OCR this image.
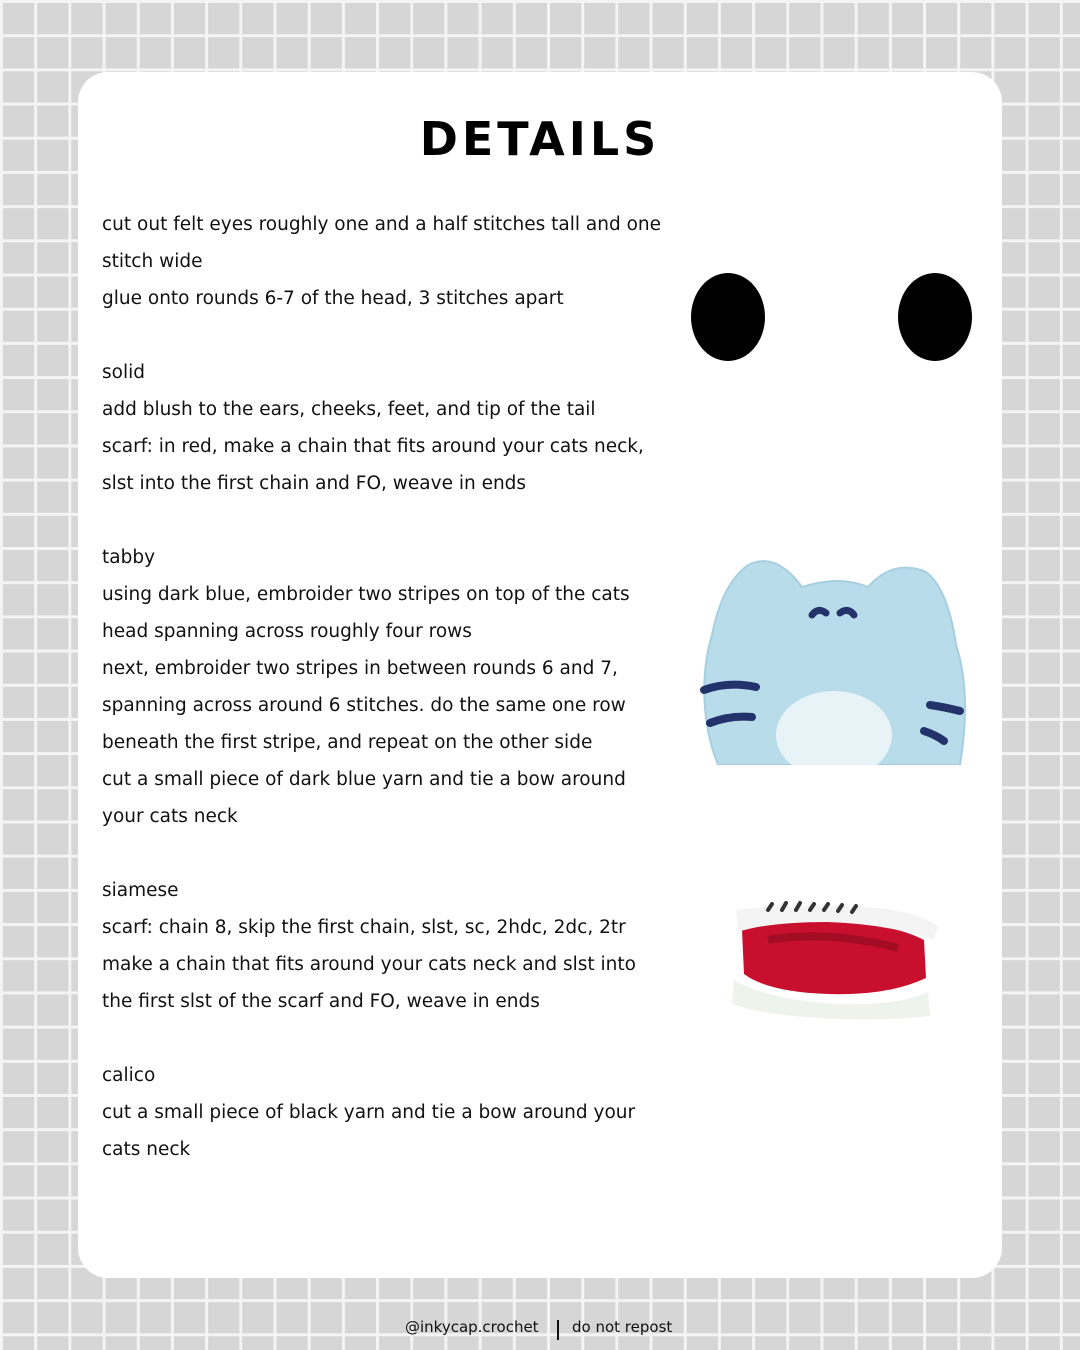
DETAILS
cut out felt eyes roughly one and a half stitches tall and one
stitch wide
glue onto rounds 6-7 of the head, 3 stitches apart
solid
add blush to the ears, cheeks, feet, and tip of the tail
scarf: in red, make a chain that fits around your cats neck,
slst into the first chain and FO, weave in ends
tabby
using dark blue, embroider two stripes on top of the cats
head spanning across roughly four rows
next, embroider two stripes in between rounds 6 and 7,
spanning across around 6 stitches. do the same one row
beneath the first stripe, and repeat on the other side
cut a small piece of dark blue yarn and tie a bow around
your cats neck
siamese
scarf: chain 8, skip the first chain, slst, sc, 2hdc, 2dc, 2tr
make a chain that fits around your cats neck and slst into
the first slst of the scarf and FO, weave in ends
calico
cut a small piece of black yarn and tie a bow around your
cats neck
@inkycap.crochet do not repost
